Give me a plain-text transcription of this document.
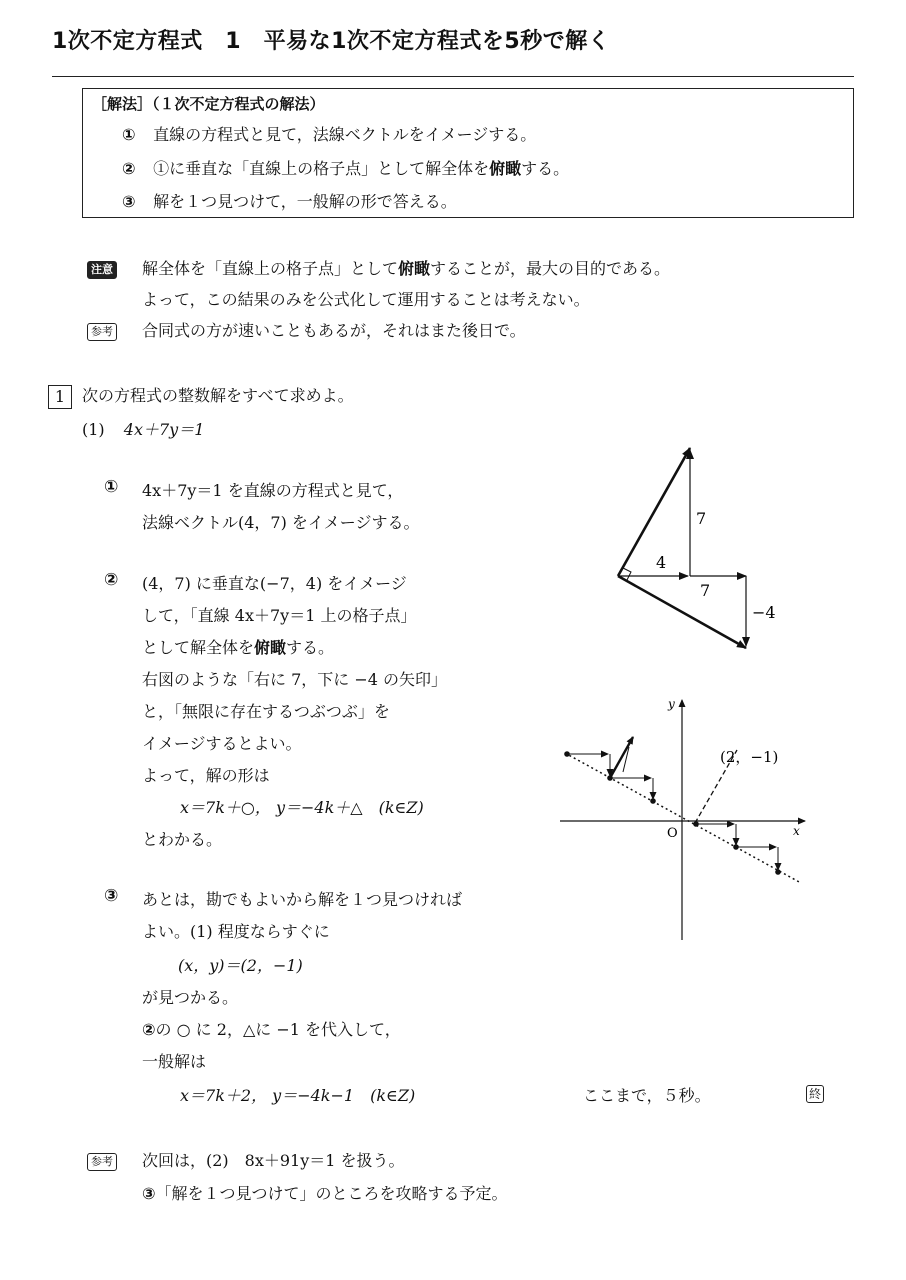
1次不定方程式　1　平易な1次不定方程式を5秒で解く
［解法］（１次不定方程式の解法）
① 直線の方程式と見て，法線ベクトルをイメージする。
② ①に垂直な「直線上の格子点」として解全体を俯瞰する。
③ 解を１つ見つけて，一般解の形で答える。
注意 解全体を「直線上の格子点」として俯瞰することが，最大の目的である。
よって，この結果のみを公式化して運用することは考えない。
参考 合同式の方が速いこともあるが，それはまた後日で。
1	次の方程式の整数解をすべて求めよ。
(1) 4x＋7y＝1
① 4x＋7y＝1 を直線の方程式と見て，
法線ベクトル(4，7) をイメージする。
② (4，7) に垂直な(−7，4) をイメージ
して，「直線 4x＋7y＝1 上の格子点」
として解全体を俯瞰する。
右図のような「右に 7，下に −4 の矢印」
と，「無限に存在するつぶつぶ」を
イメージするとよい。
よって，解の形は
x＝7k＋○， y＝−4k＋△　(k∈Z)
とわかる。
③ あとは，勘でもよいから解を１つ見つければ
よい。(1) 程度ならすぐに
(x，y)＝(2，−1)
が見つかる。
②の ○ に 2，△に −1 を代入して，
一般解は
x＝7k＋2， y＝−4k−1　(k∈Z)	ここまで，５秒。	終
参考 次回は，(2)　8x＋91y＝1 を扱う。
③「解を１つ見つけて」のところを攻略する予定。
7
4
7
−4
y
x
O
(2，−1)
